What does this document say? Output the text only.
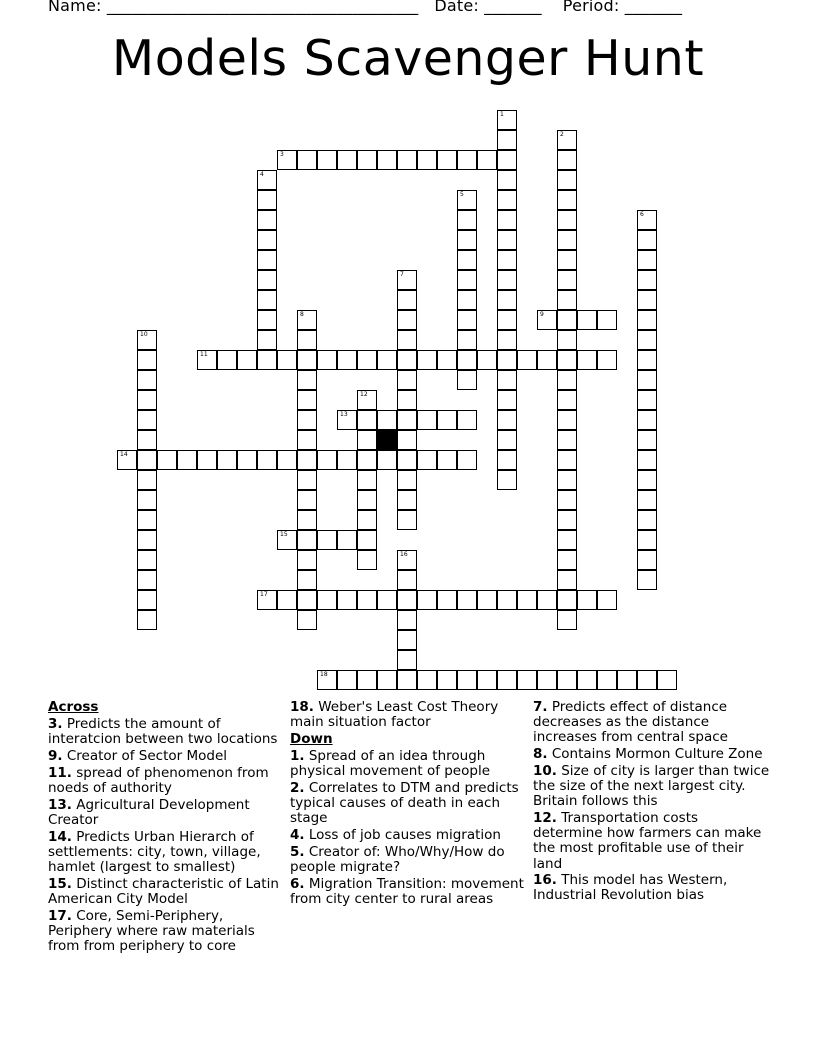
Name: ______________________________________   Date: _______    Period: _______
Models Scavenger Hunt
1
2
3
4
5
6
7
8	9
10
11
12
13
14
15
16
17
18
Across
3. Predicts the amount of interatcion between two locations
9. Creator of Sector Model
11. spread of phenomenon from noeds of authority
13. Agricultural Development Creator
14. Predicts Urban Hierarch of settlements: city, town, village, hamlet (largest to smallest)
15. Distinct characteristic of Latin American City Model
17. Core, Semi-Periphery, Periphery where raw materials from from periphery to core
18. Weber's Least Cost Theory main situation factor
Down
1. Spread of an idea through physical movement of people
2. Correlates to DTM and predicts typical causes of death in each stage
4. Loss of job causes migration
5. Creator of: Who/Why/How do people migrate?
6. Migration Transition: movement from city center to rural areas
7. Predicts effect of distance decreases as the distance increases from central space
8. Contains Mormon Culture Zone
10. Size of city is larger than twice the size of the next largest city. Britain follows this
12. Transportation costs determine how farmers can make the most profitable use of their land
16. This model has Western, Industrial Revolution bias
